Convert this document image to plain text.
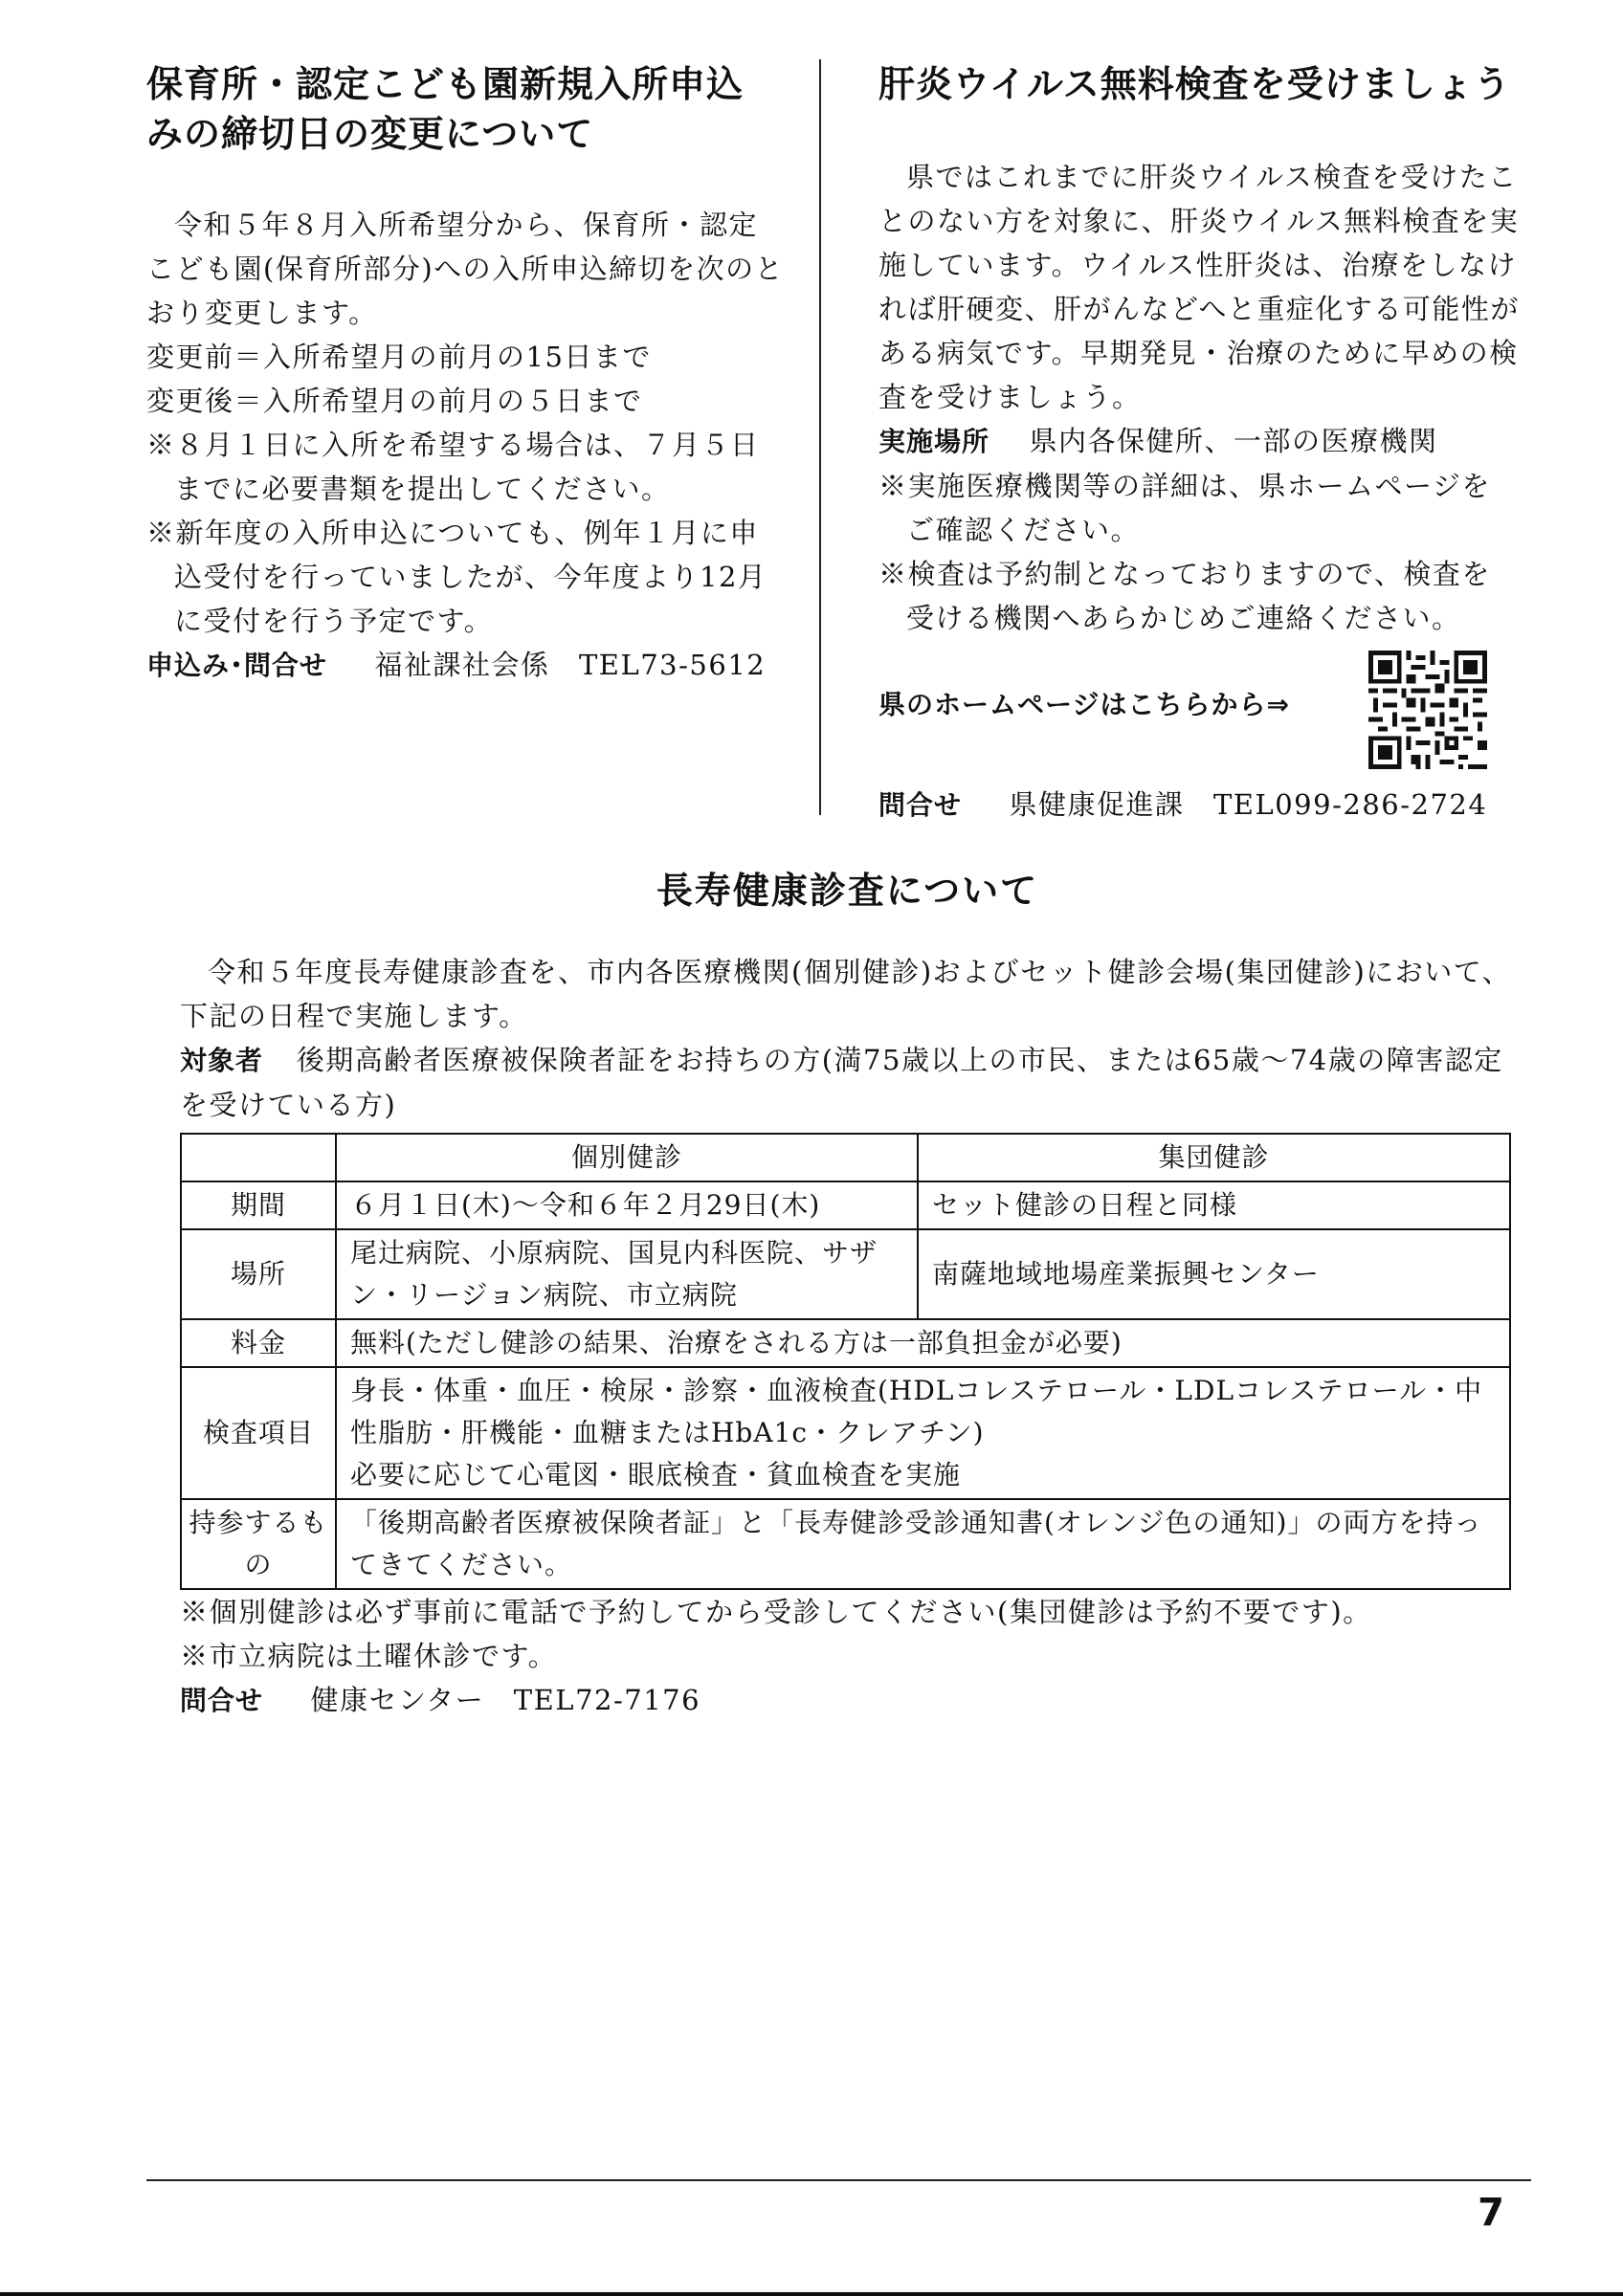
保育所・認定こども園新規入所申込
みの締切日の変更について

令和５年８月入所希望分から、保育所・認定こども園(保育所部分)への入所申込締切を次のとおり変更します。

変更前＝入所希望月の前月の15日まで

変更後＝入所希望月の前月の５日まで

※８月１日に入所を希望する場合は、７月５日までに必要書類を提出してください。

※新年度の入所申込についても、例年１月に申込受付を行っていましたが、今年度より12月に受付を行う予定です。

申込み･問合せ 福祉課社会係　TEL73-5612

肝炎ウイルス無料検査を受けましょう

県ではこれまでに肝炎ウイルス検査を受けたことのない方を対象に、肝炎ウイルス無料検査を実施しています。ウイルス性肝炎は、治療をしなければ肝硬変、肝がんなどへと重症化する可能性がある病気です。早期発見・治療のために早めの検査を受けましょう。

実施場所 県内各保健所、一部の医療機関

※実施医療機関等の詳細は、県ホームページをご確認ください。

※検査は予約制となっておりますので、検査を受ける機関へあらかじめご連絡ください。

県のホームページはこちらから⇒

問合せ 県健康促進課　TEL099-286-2724

長寿健康診査について

令和５年度長寿健康診査を、市内各医療機関(個別健診)およびセット健診会場(集団健診)において、下記の日程で実施します。

対象者 後期高齢者医療被保険者証をお持ちの方(満75歳以上の市民、または65歳～74歳の障害認定を受けている方)

	個別健診	集団健診
期間	６月１日(木)～令和６年２月29日(木)	セット健診の日程と同様
場所	尾辻病院、小原病院、国見内科医院、サザン・リージョン病院、市立病院	南薩地域地場産業振興センター
料金	無料(ただし健診の結果、治療をされる方は一部負担金が必要)	
検査項目	身長・体重・血圧・検尿・診察・血液検査(HDLコレステロール・LDLコレステロール・中性脂肪・肝機能・血糖またはHbA1c・クレアチン)
必要に応じて心電図・眼底検査・貧血検査を実施	
持参するもの	「後期高齢者医療被保険者証」と「長寿健診受診通知書(オレンジ色の通知)」の両方を持ってきてください。	

※個別健診は必ず事前に電話で予約してから受診してください(集団健診は予約不要です)。

※市立病院は土曜休診です。

問合せ 健康センター　TEL72-7176

7
